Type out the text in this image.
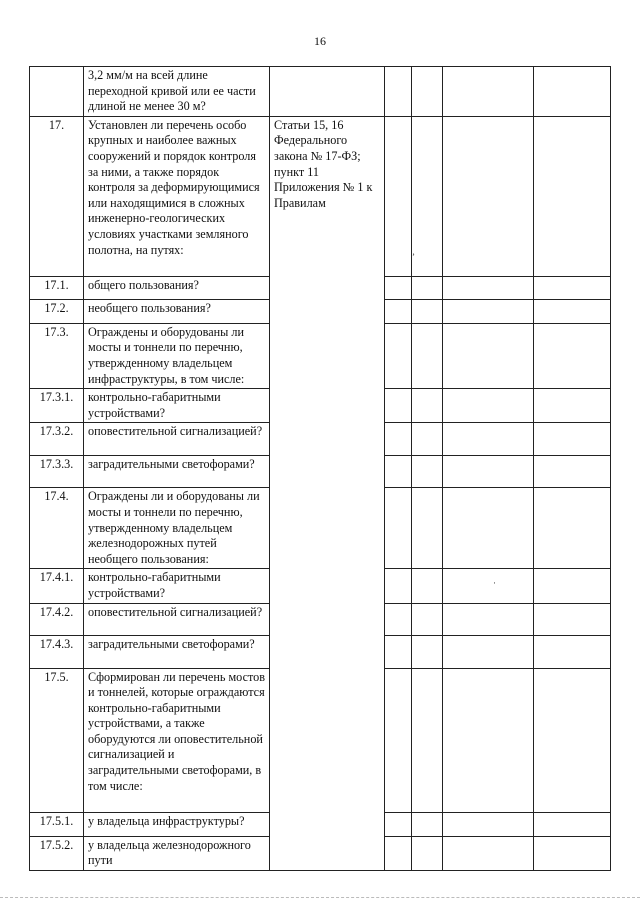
16
	3,2 мм/м на всей длине переходной кривой или ее части длиной не менее 30 м?					
17.	Установлен ли перечень особо крупных и наиболее важных сооружений и порядок контроля за ними, а также порядок контроля за деформирующимися или находящимися в сложных инженерно-геологических условиях участками земляного полотна, на путях:	Статьи 15, 16 Федерального закона № 17-ФЗ; пункт 11 Приложения № 1 к Правилам				
17.1.	общего пользования?					
17.2.	необщего пользования?					
17.3.	Ограждены и оборудованы ли мосты и тоннели по перечню, утвержденному владельцем инфраструктуры, в том числе:					
17.3.1.	контрольно-габаритными устройствами?					
17.3.2.	оповестительной сигнализацией?					
17.3.3.	заградительными светофорами?					
17.4.	Ограждены ли и оборудованы ли мосты и тоннели по перечню, утвержденному владельцем железнодорожных путей необщего пользования:					
17.4.1.	контрольно-габаритными устройствами?					
17.4.2.	оповестительной сигнализацией?					
17.4.3.	заградительными светофорами?					
17.5.	Сформирован ли перечень мостов и тоннелей, которые ограждаются контрольно-габаритными устройствами, а также оборудуются ли оповестительной сигнализацией и заградительными светофорами, в том числе:					
17.5.1.	у владельца инфраструктуры?					
17.5.2.	у владельца железнодорожного пути					
ʼ
·
